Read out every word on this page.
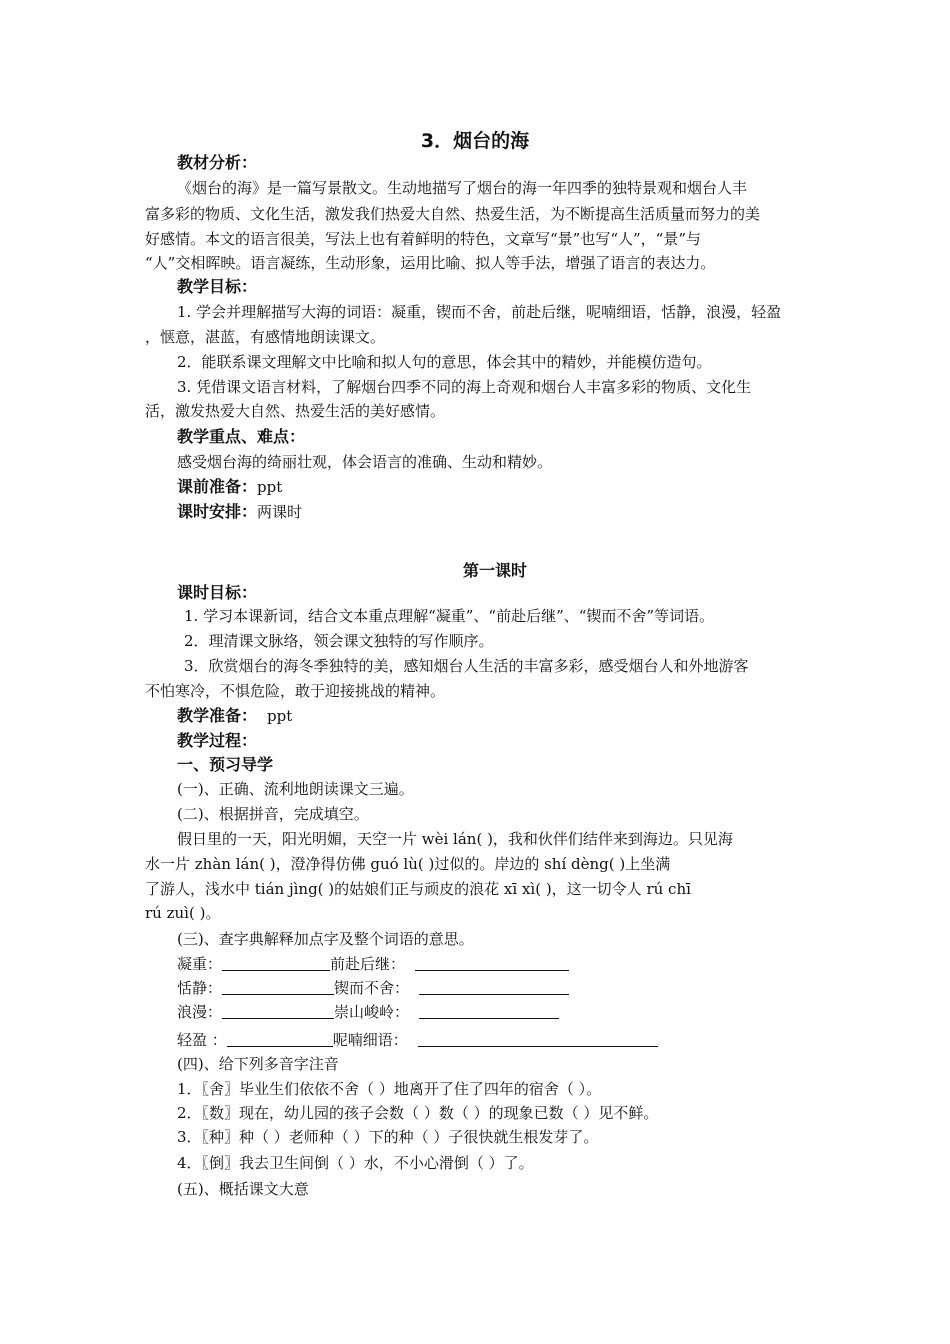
3．烟台的海
教材分析：
《烟台的海》是一篇写景散文。生动地描写了烟台的海一年四季的独特景观和烟台人丰
富多彩的物质、文化生活，激发我们热爱大自然、热爱生活，为不断提高生活质量而努力的美
好感情。本文的语言很美，写法上也有着鲜明的特色，文章写“景”也写“人”，“景”与
“人”交相晖映。语言凝练，生动形象，运用比喻、拟人等手法，增强了语言的表达力。
教学目标：
1. 学会并理解描写大海的词语：凝重，锲而不舍，前赴后继，呢喃细语，恬静，浪漫，轻盈
，惬意，湛蓝，有感情地朗读课文。
2．能联系课文理解文中比喻和拟人句的意思，体会其中的精妙，并能模仿造句。
3. 凭借课文语言材料，了解烟台四季不同的海上奇观和烟台人丰富多彩的物质、文化生
活，激发热爱大自然、热爱生活的美好感情。
教学重点、难点：
感受烟台海的绮丽壮观，体会语言的准确、生动和精妙。
课前准备：ppt
课时安排：两课时
第一课时
课时目标：
1. 学习本课新词，结合文本重点理解“凝重”、“前赴后继”、“锲而不舍”等词语。
2．理清课文脉络，领会课文独特的写作顺序。
3．欣赏烟台的海冬季独特的美，感知烟台人生活的丰富多彩，感受烟台人和外地游客
不怕寒冷，不惧危险，敢于迎接挑战的精神。
教学准备： ppt
教学过程：
一、预习导学
(一)、正确、流利地朗读课文三遍。
(二)、根据拼音，完成填空。
假日里的一天，阳光明媚，天空一片 wèi lán( )，我和伙伴们结伴来到海边。只见海
水一片 zhàn lán( )，澄净得仿佛 guó lù( )过似的。岸边的 shí dèng( )上坐满
了游人，浅水中 tián jìng( )的姑娘们正与顽皮的浪花 xī xì( )，这一切令人 rú chī
rú zuì( )。
(三)、查字典解释加点字及整个词语的意思。
凝重：	前赴后继：
恬静：	锲而不舍：
浪漫：	崇山峻岭：
轻盈 ：	呢喃细语：
(四)、给下列多音字注音
1．〖舍〗毕业生们依依不舍（ ）地离开了住了四年的宿舍（ ）。
2．〖数〗现在，幼儿园的孩子会数（ ）数（ ）的现象已数（ ）见不鲜。
3．〖种〗种（ ）老师种（ ）下的种（ ）子很快就生根发芽了。
4．〖倒〗我去卫生间倒（ ）水，不小心滑倒（ ）了。
(五)、概括课文大意
